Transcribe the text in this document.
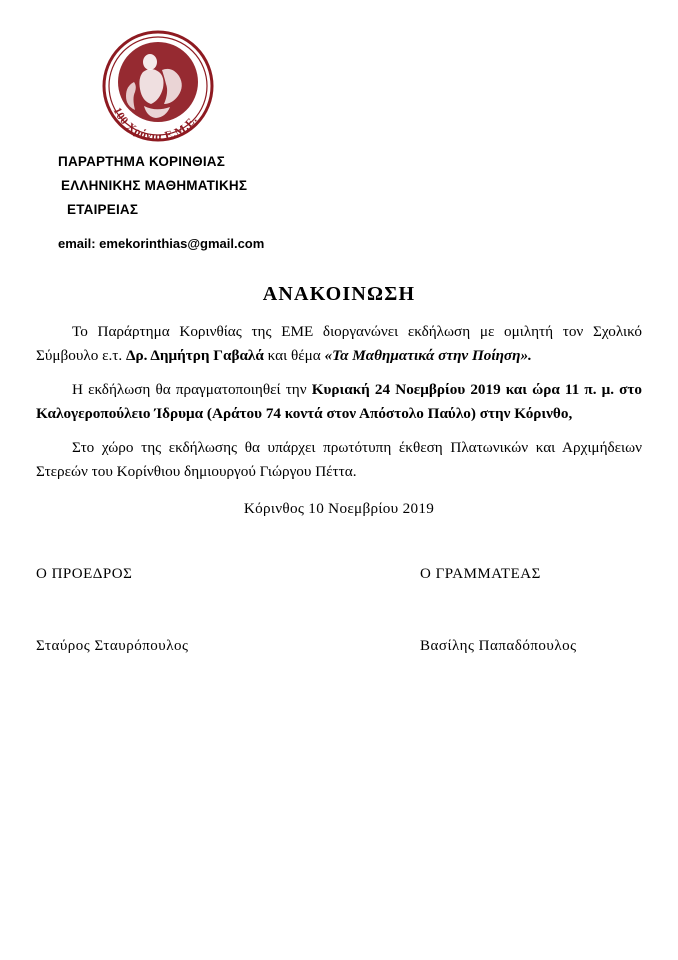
100 Χρόνια Ε.Μ.Ε.
ΠΑΡΑΡΤΗΜΑ ΚΟΡΙΝΘΙΑΣ
ΕΛΛΗΝΙΚΗΣ ΜΑΘΗΜΑΤΙΚΗΣ
ΕΤΑΙΡΕΙΑΣ
email: emekorinthias@gmail.com
ΑΝΑΚΟΙΝΩΣΗ

Το Παράρτημα Κορινθίας της ΕΜΕ διοργανώνει εκδήλωση με ομιλητή τον Σχολικό Σύμβουλο ε.τ. Δρ. Δημήτρη Γαβαλά και θέμα «Τα Μαθηματικά στην Ποίηση».

Η εκδήλωση θα πραγματοποιηθεί την Κυριακή 24 Νοεμβρίου 2019 και ώρα 11 π. μ. στο Καλογεροπούλειο Ίδρυμα (Αράτου 74 κοντά στον Απόστολο Παύλο) στην Κόρινθο,

Στο χώρο της εκδήλωσης θα υπάρχει πρωτότυπη έκθεση Πλατωνικών και Αρχιμήδειων Στερεών του Κορίνθιου δημιουργού Γιώργου Πέττα.

Κόρινθος 10 Νοεμβρίου 2019
Ο ΠΡΟΕΔΡΟΣ	Ο ΓΡΑΜΜΑΤΕΑΣ
Σταύρος Σταυρόπουλος	Βασίλης Παπαδόπουλος
